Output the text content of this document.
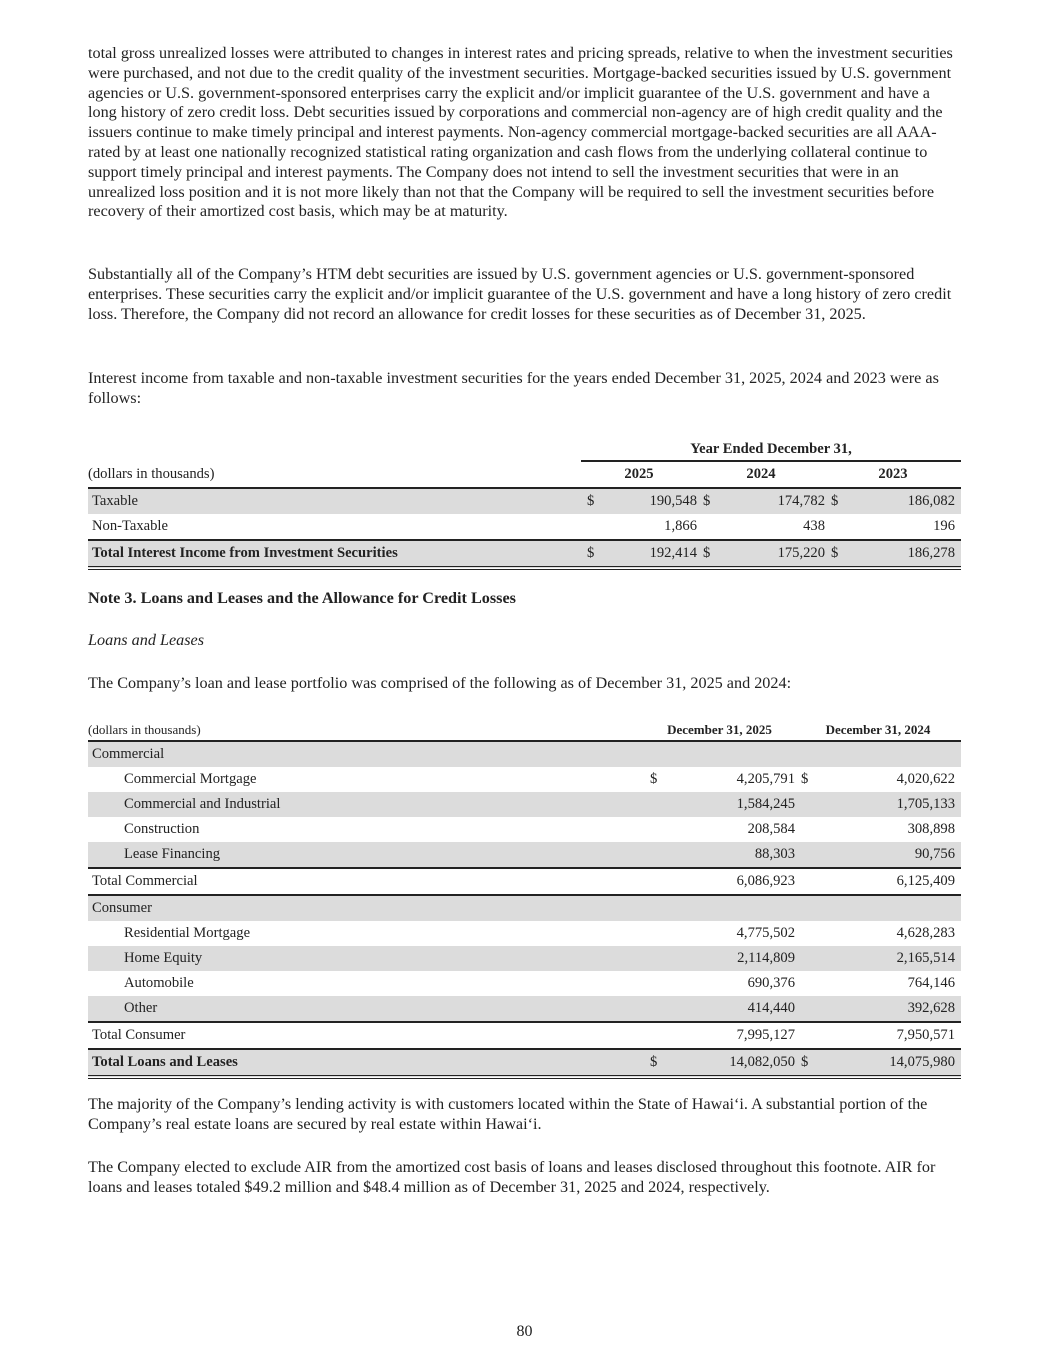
total gross unrealized losses were attributed to changes in interest rates and pricing spreads, relative to when the investment securities were purchased, and not due to the credit quality of the investment securities. Mortgage-backed securities issued by U.S. government agencies or U.S. government-sponsored enterprises carry the explicit and/or implicit guarantee of the U.S. government and have a long history of zero credit loss. Debt securities issued by corporations and commercial non-agency are of high credit quality and the issuers continue to make timely principal and interest payments. Non-agency commercial mortgage-backed securities are all AAA-rated by at least one nationally recognized statistical rating organization and cash flows from the underlying collateral continue to support timely principal and interest payments. The Company does not intend to sell the investment securities that were in an unrealized loss position and it is not more likely than not that the Company will be required to sell the investment securities before recovery of their amortized cost basis, which may be at maturity.

Substantially all of the Company’s HTM debt securities are issued by U.S. government agencies or U.S. government-sponsored enterprises. These securities carry the explicit and/or implicit guarantee of the U.S. government and have a long history of zero credit loss. Therefore, the Company did not record an allowance for credit losses for these securities as of December 31, 2025.

Interest income from taxable and non-taxable investment securities for the years ended December 31, 2025, 2024 and 2023 were as follows:

	Year Ended December 31,					
(dollars in thousands)	2025		2024		2023	
Taxable	$	190,548	$	174,782	$	186,082
Non-Taxable		1,866		438		196
Total Interest Income from Investment Securities	$	192,414	$	175,220	$	186,278

Note 3. Loans and Leases and the Allowance for Credit Losses

Loans and Leases

The Company’s loan and lease portfolio was comprised of the following as of December 31, 2025 and 2024:

(dollars in thousands)	December 31, 2025		December 31, 2024	
Commercial				
Commercial Mortgage	$	4,205,791	$	4,020,622
Commercial and Industrial		1,584,245		1,705,133
Construction		208,584		308,898
Lease Financing		88,303		90,756
Total Commercial		6,086,923		6,125,409
Consumer				
Residential Mortgage		4,775,502		4,628,283
Home Equity		2,114,809		2,165,514
Automobile		690,376		764,146
Other		414,440		392,628
Total Consumer		7,995,127		7,950,571
Total Loans and Leases	$	14,082,050	$	14,075,980

The majority of the Company’s lending activity is with customers located within the State of Hawai‘i. A substantial portion of the Company’s real estate loans are secured by real estate within Hawai‘i.

The Company elected to exclude AIR from the amortized cost basis of loans and leases disclosed throughout this footnote. AIR for loans and leases totaled $49.2 million and $48.4 million as of December 31, 2025 and 2024, respectively.

80
